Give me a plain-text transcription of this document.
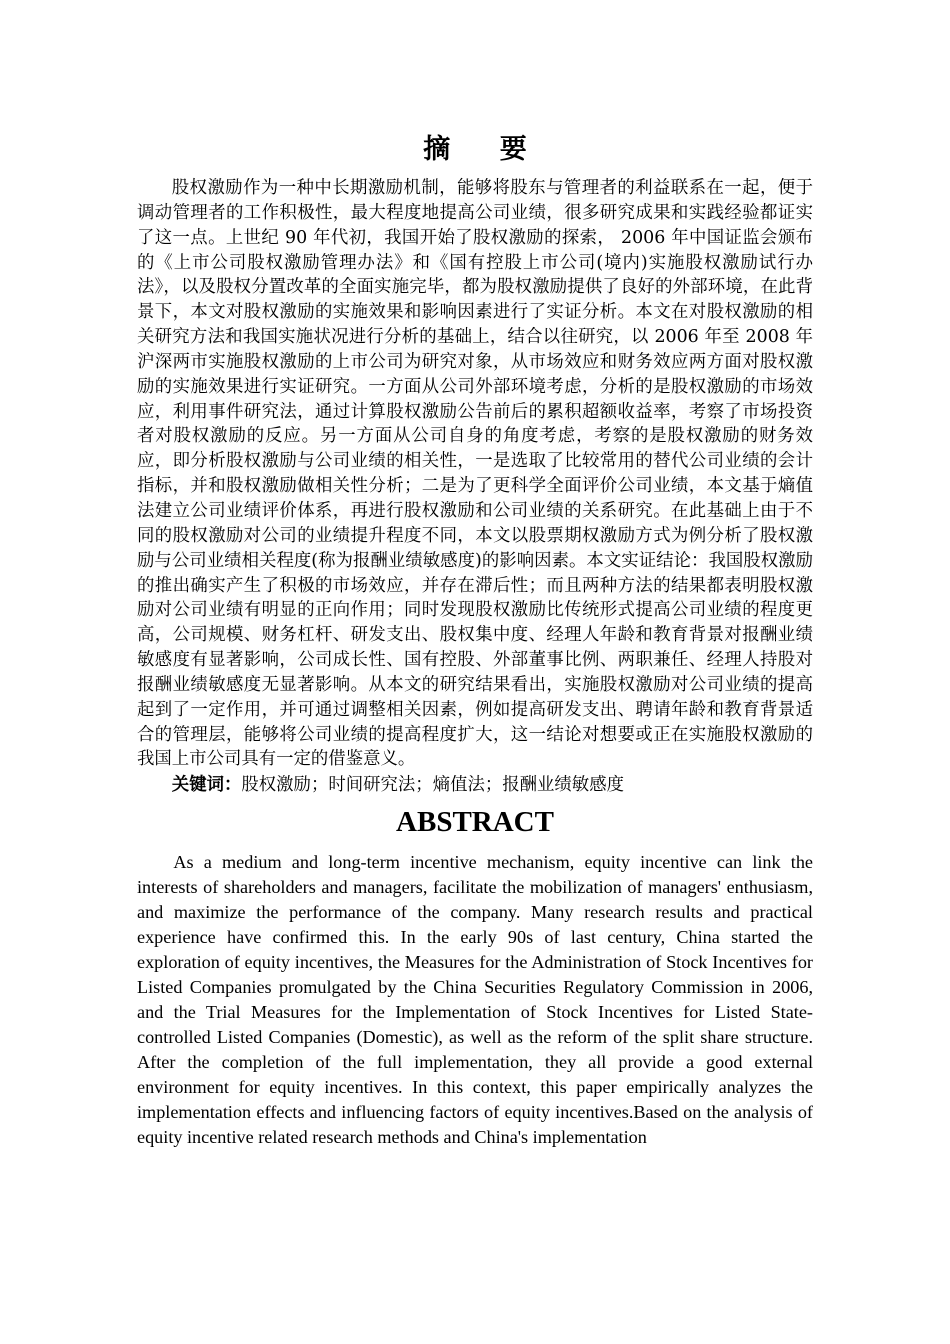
摘 要

股权激励作为一种中长期激励机制，能够将股东与管理者的利益联系在一起，便于调动管理者的工作积极性，最大程度地提高公司业绩，很多研究成果和实践经验都证实了这一点。上世纪 90 年代初，我国开始了股权激励的探索， 2006 年中国证监会颁布的《上市公司股权激励管理办法》和《国有控股上市公司(境内)实施股权激励试行办法》，以及股权分置改革的全面实施完毕，都为股权激励提供了良好的外部环境，在此背景下，本文对股权激励的实施效果和影响因素进行了实证分析。本文在对股权激励的相关研究方法和我国实施状况进行分析的基础上，结合以往研究，以 2006 年至 2008 年沪深两市实施股权激励的上市公司为研究对象，从市场效应和财务效应两方面对股权激励的实施效果进行实证研究。一方面从公司外部环境考虑，分析的是股权激励的市场效应，利用事件研究法，通过计算股权激励公告前后的累积超额收益率，考察了市场投资者对股权激励的反应。另一方面从公司自身的角度考虑，考察的是股权激励的财务效应，即分析股权激励与公司业绩的相关性，一是选取了比较常用的替代公司业绩的会计指标，并和股权激励做相关性分析；二是为了更科学全面评价公司业绩，本文基于熵值法建立公司业绩评价体系，再进行股权激励和公司业绩的关系研究。在此基础上由于不同的股权激励对公司的业绩提升程度不同，本文以股票期权激励方式为例分析了股权激励与公司业绩相关程度(称为报酬业绩敏感度)的影响因素。本文实证结论：我国股权激励的推出确实产生了积极的市场效应，并存在滞后性；而且两种方法的结果都表明股权激励对公司业绩有明显的正向作用；同时发现股权激励比传统形式提高公司业绩的程度更高，公司规模、财务杠杆、研发支出、股权集中度、经理人年龄和教育背景对报酬业绩敏感度有显著影响，公司成长性、国有控股、外部董事比例、两职兼任、经理人持股对报酬业绩敏感度无显著影响。从本文的研究结果看出，实施股权激励对公司业绩的提高起到了一定作用，并可通过调整相关因素，例如提高研发支出、聘请年龄和教育背景适合的管理层，能够将公司业绩的提高程度扩大，这一结论对想要或正在实施股权激励的我国上市公司具有一定的借鉴意义。

关键词：股权激励；时间研究法；熵值法；报酬业绩敏感度

ABSTRACT

As a medium and long-term incentive mechanism, equity incentive can link the interests of shareholders and managers, facilitate the mobilization of managers' enthusiasm, and maximize the performance of the company. Many research results and practical experience have confirmed this. In the early 90s of last century, China started the exploration of equity incentives, the Measures for the Administration of Stock Incentives for Listed Companies promulgated by the China Securities Regulatory Commission in 2006, and the Trial Measures for the Implementation of Stock Incentives for Listed State-controlled Listed Companies (Domestic), as well as the reform of the split share structure. After the completion of the full implementation, they all provide a good external environment for equity incentives. In this context, this paper empirically analyzes the implementation effects and influencing factors of equity incentives.Based on the analysis of equity incentive related research methods and China's implementation
